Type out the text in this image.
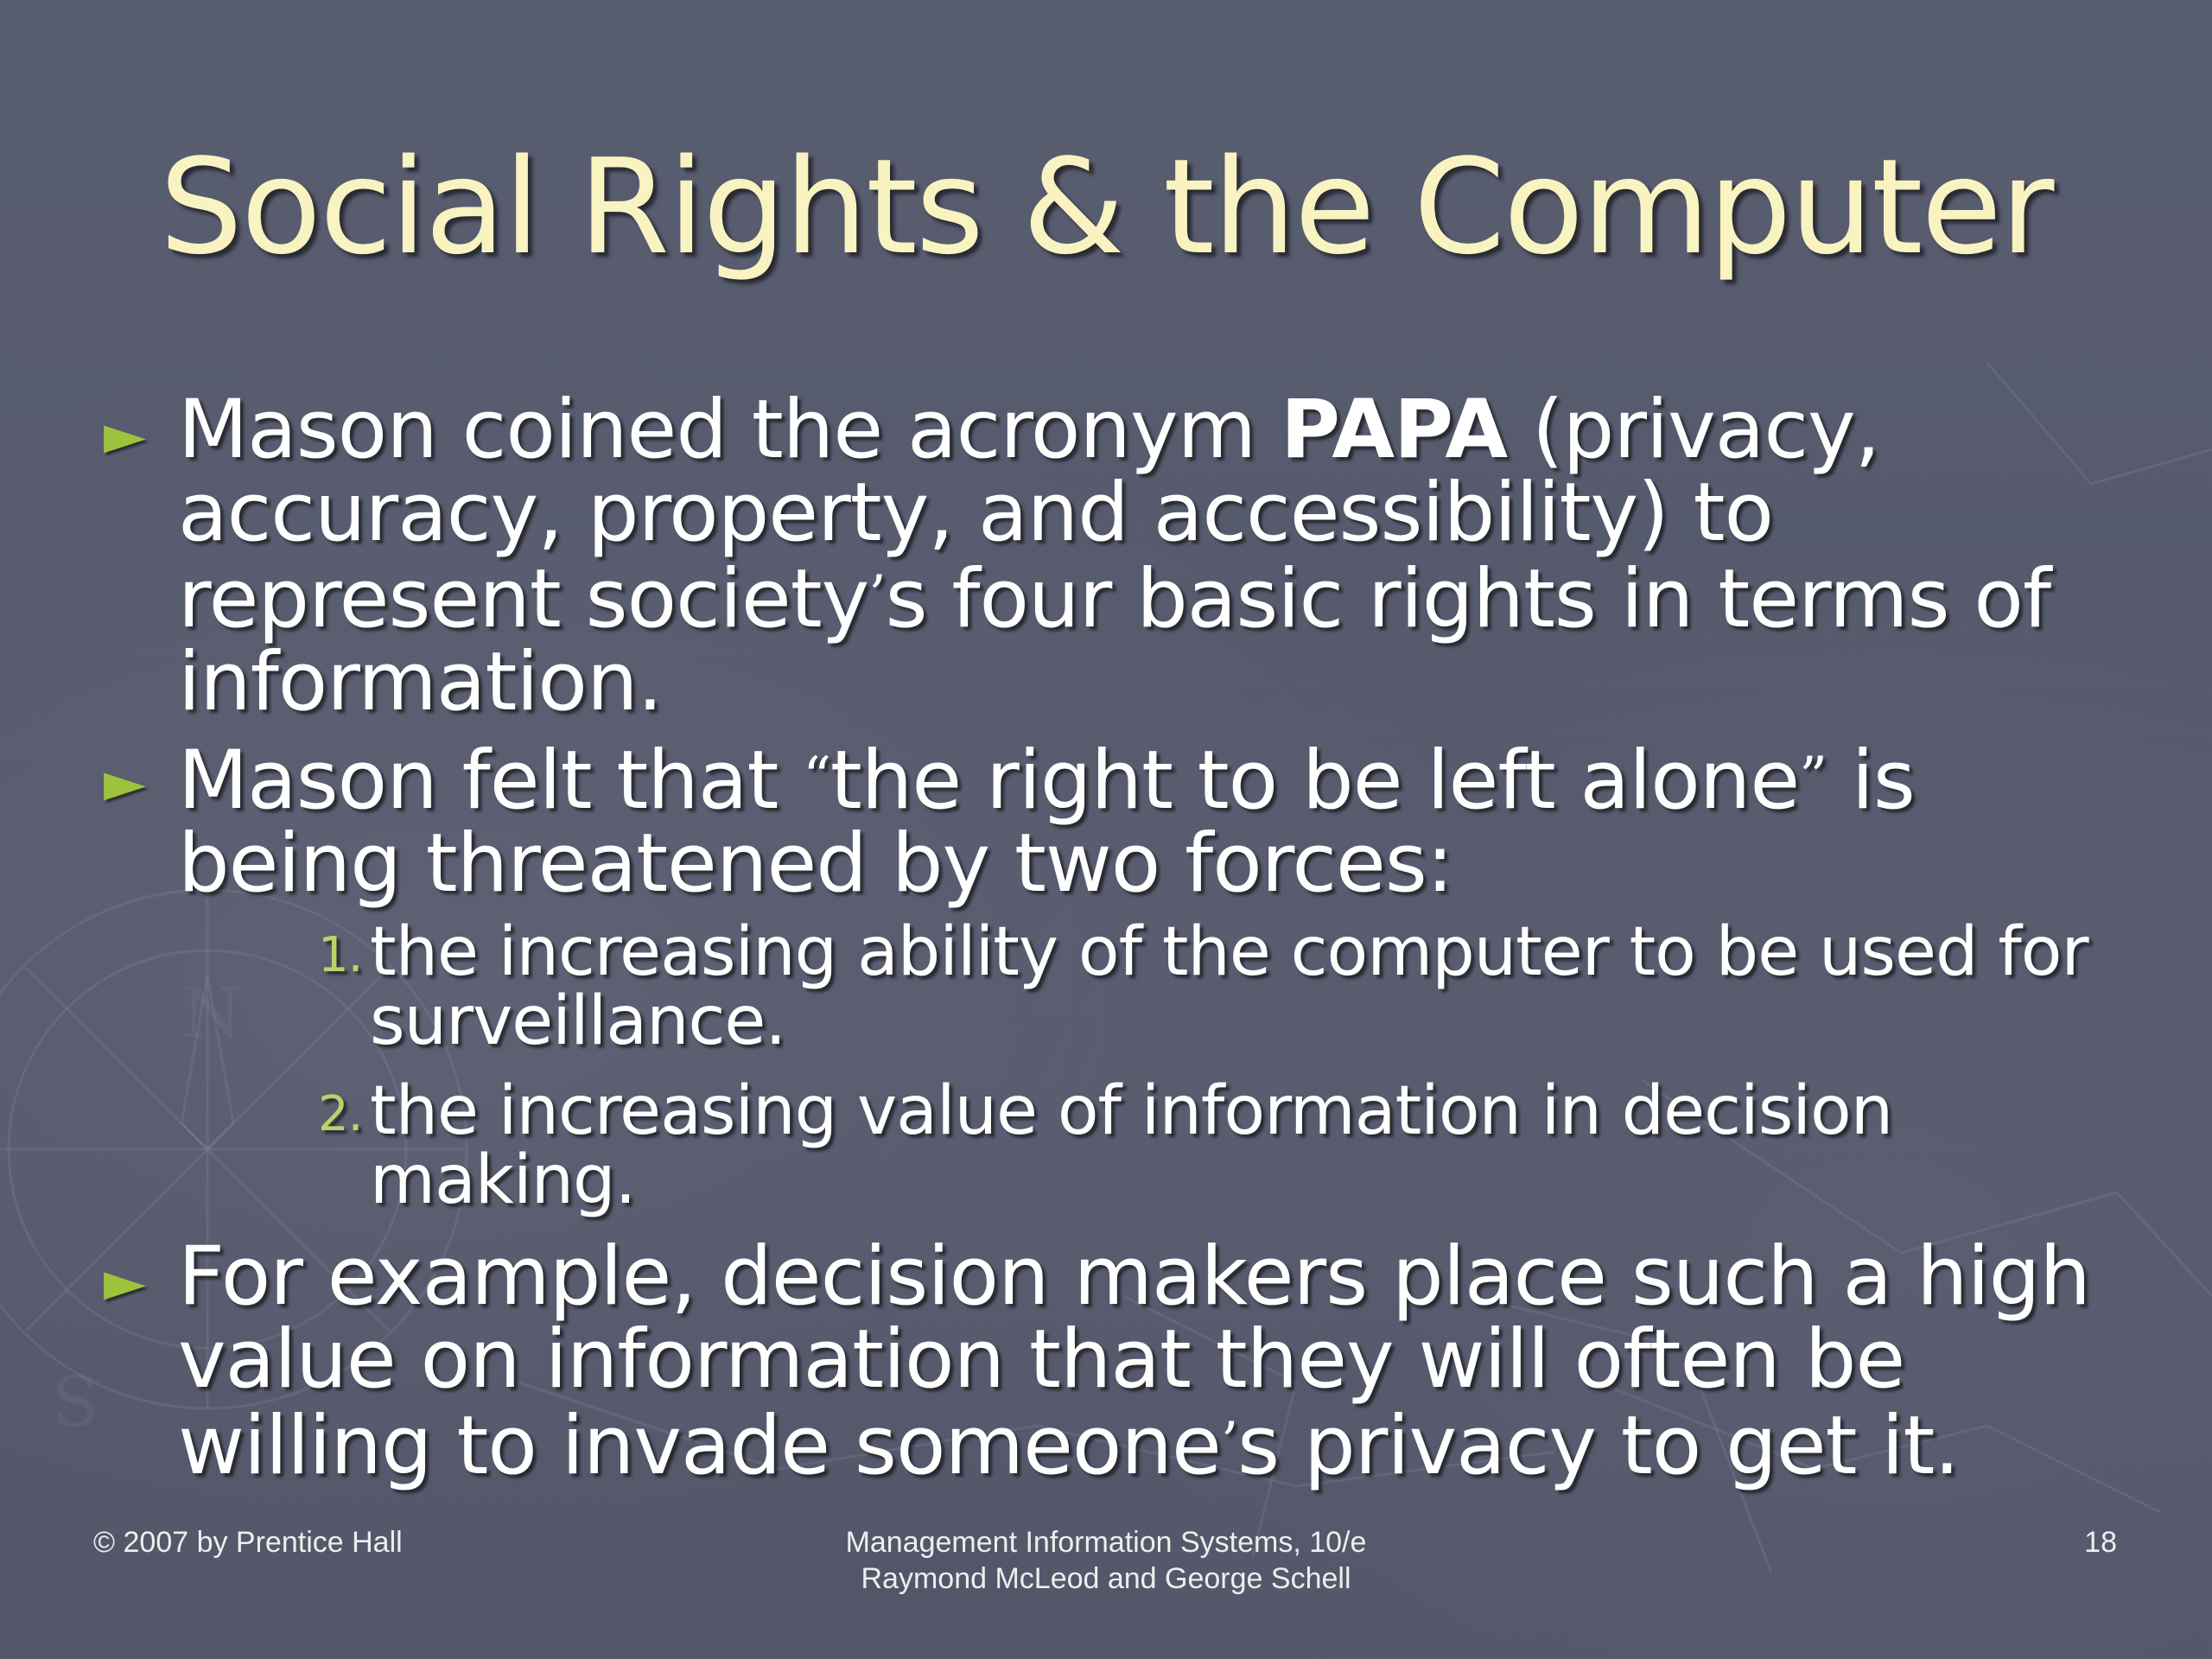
N
S
Social Rights & the Computer
► Mason coined the acronym PAPA (privacy, accuracy, property, and accessibility) to represent society’s four basic rights in terms of information.
► Mason felt that “the right to be left alone” is being threatened by two forces:
1. the increasing ability of the computer to be used for surveillance.
2. the increasing value of information in decision making.
► For example, decision makers place such a high value on information that they will often be willing to invade someone’s privacy to get it.
© 2007 by Prentice Hall	Management Information Systems, 10/e
Raymond McLeod and George Schell
18
